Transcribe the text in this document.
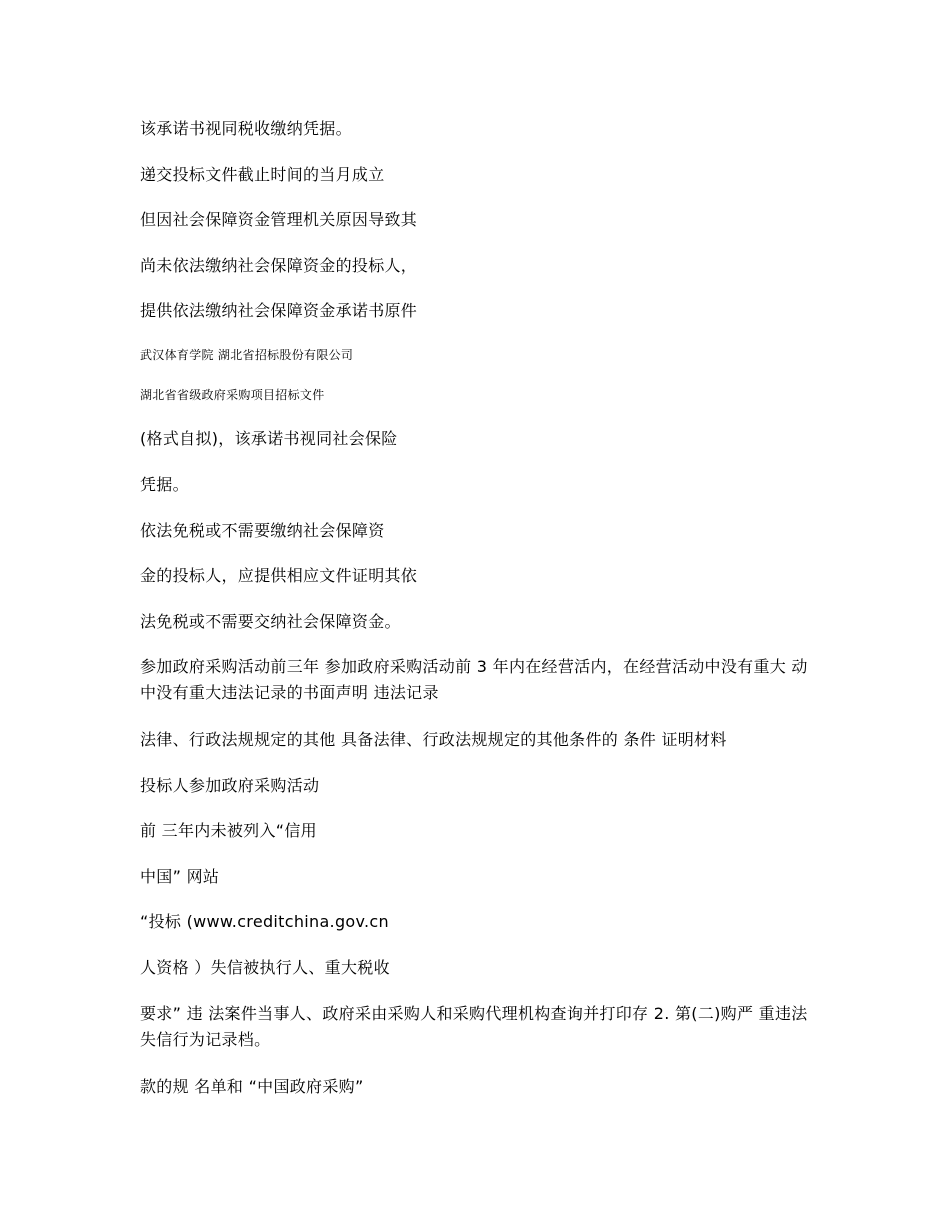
该承诺书视同税收缴纳凭据。
递交投标文件截止时间的当月成立
但因社会保障资金管理机关原因导致其
尚未依法缴纳社会保障资金的投标人，
提供依法缴纳社会保障资金承诺书原件
武汉体育学院 湖北省招标股份有限公司
湖北省省级政府采购项目招标文件
(格式自拟)，该承诺书视同社会保险
凭据。
依法免税或不需要缴纳社会保障资
金的投标人，应提供相应文件证明其依
法免税或不需要交纳社会保障资金。
参加政府采购活动前三年 参加政府采购活动前 3 年内在经营活内，在经营活动中没有重大 动中没有重大违法记录的书面声明 违法记录
法律、行政法规规定的其他 具备法律、行政法规规定的其他条件的 条件 证明材料
投标人参加政府采购活动
前 三年内未被列入“信用
中国” 网站
“投标 (www.creditchina.gov.cn
人资格 ）失信被执行人、重大税收
要求” 违 法案件当事人、政府采由采购人和采购代理机构查询并打印存 2. 第(二)购严 重违法失信行为记录档。
款的规 名单和 “中国政府采购”
